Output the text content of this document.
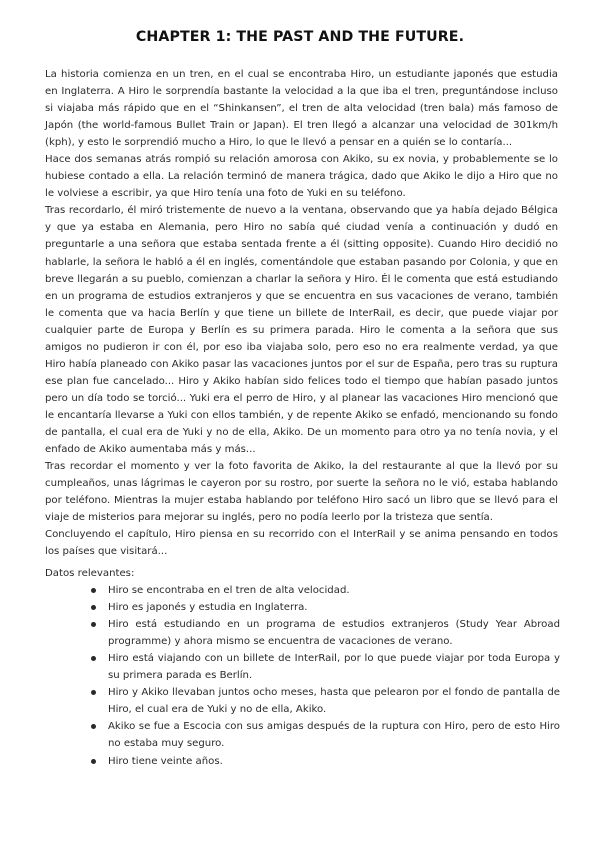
CHAPTER 1: THE PAST AND THE FUTURE.

La historia comienza en un tren, en el cual se encontraba Hiro, un estudiante japonés que estudia en Inglaterra. A Hiro le sorprendía bastante la velocidad a la que iba el tren, preguntándose incluso si viajaba más rápido que en el “Shinkansen”, el tren de alta velocidad (tren bala) más famoso de Japón (the world-famous Bullet Train or Japan). El tren llegó a alcanzar una velocidad de 301km/h (kph), y esto le sorprendió mucho a Hiro, lo que le llevó a pensar en a quién se lo contaría...

Hace dos semanas atrás rompió su relación amorosa con Akiko, su ex novia, y probablemente se lo hubiese contado a ella. La relación terminó de manera trágica, dado que Akiko le dijo a Hiro que no le volviese a escribir, ya que Hiro tenía una foto de Yuki en su teléfono.

Tras recordarlo, él miró tristemente de nuevo a la ventana, observando que ya había dejado Bélgica y que ya estaba en Alemania, pero Hiro no sabía qué ciudad venía a continuación y dudó en preguntarle a una señora que estaba sentada frente a él (sitting opposite). Cuando Hiro decidió no hablarle, la señora le habló a él en inglés, comentándole que estaban pasando por Colonia, y que en breve llegarán a su pueblo, comienzan a charlar la señora y Hiro. Él le comenta que está estudiando en un programa de estudios extranjeros y que se encuentra en sus vacaciones de verano, también le comenta que va hacia Berlín y que tiene un billete de InterRail, es decir, que puede viajar por cualquier parte de Europa y Berlín es su primera parada. Hiro le comenta a la señora que sus amigos no pudieron ir con él, por eso iba viajaba solo, pero eso no era realmente verdad, ya que Hiro había planeado con Akiko pasar las vacaciones juntos por el sur de España, pero tras su ruptura ese plan fue cancelado... Hiro y Akiko habían sido felices todo el tiempo que habían pasado juntos pero un día todo se torció... Yuki era el perro de Hiro, y al planear las vacaciones Hiro mencionó que le encantaría llevarse a Yuki con ellos también, y de repente Akiko se enfadó, mencionando su fondo de pantalla, el cual era de Yuki y no de ella, Akiko. De un momento para otro ya no tenía novia, y el enfado de Akiko aumentaba más y más...

Tras recordar el momento y ver la foto favorita de Akiko, la del restaurante al que la llevó por su cumpleaños, unas lágrimas le cayeron por su rostro, por suerte la señora no le vió, estaba hablando por teléfono. Mientras la mujer estaba hablando por teléfono Hiro sacó un libro que se llevó para el viaje de misterios para mejorar su inglés, pero no podía leerlo por la tristeza que sentía.

Concluyendo el capítulo, Hiro piensa en su recorrido con el InterRail y se anima pensando en todos los países que visitará...

Datos relevantes:

Hiro se encontraba en el tren de alta velocidad.
Hiro es japonés y estudia en Inglaterra.
Hiro está estudiando en un programa de estudios extranjeros (Study Year Abroad programme) y ahora mismo se encuentra de vacaciones de verano.
Hiro está viajando con un billete de InterRail, por lo que puede viajar por toda Europa y su primera parada es Berlín.
Hiro y Akiko llevaban juntos ocho meses, hasta que pelearon por el fondo de pantalla de Hiro, el cual era de Yuki y no de ella, Akiko.
Akiko se fue a Escocia con sus amigas después de la ruptura con Hiro, pero de esto Hiro no estaba muy seguro.
Hiro tiene veinte años.
